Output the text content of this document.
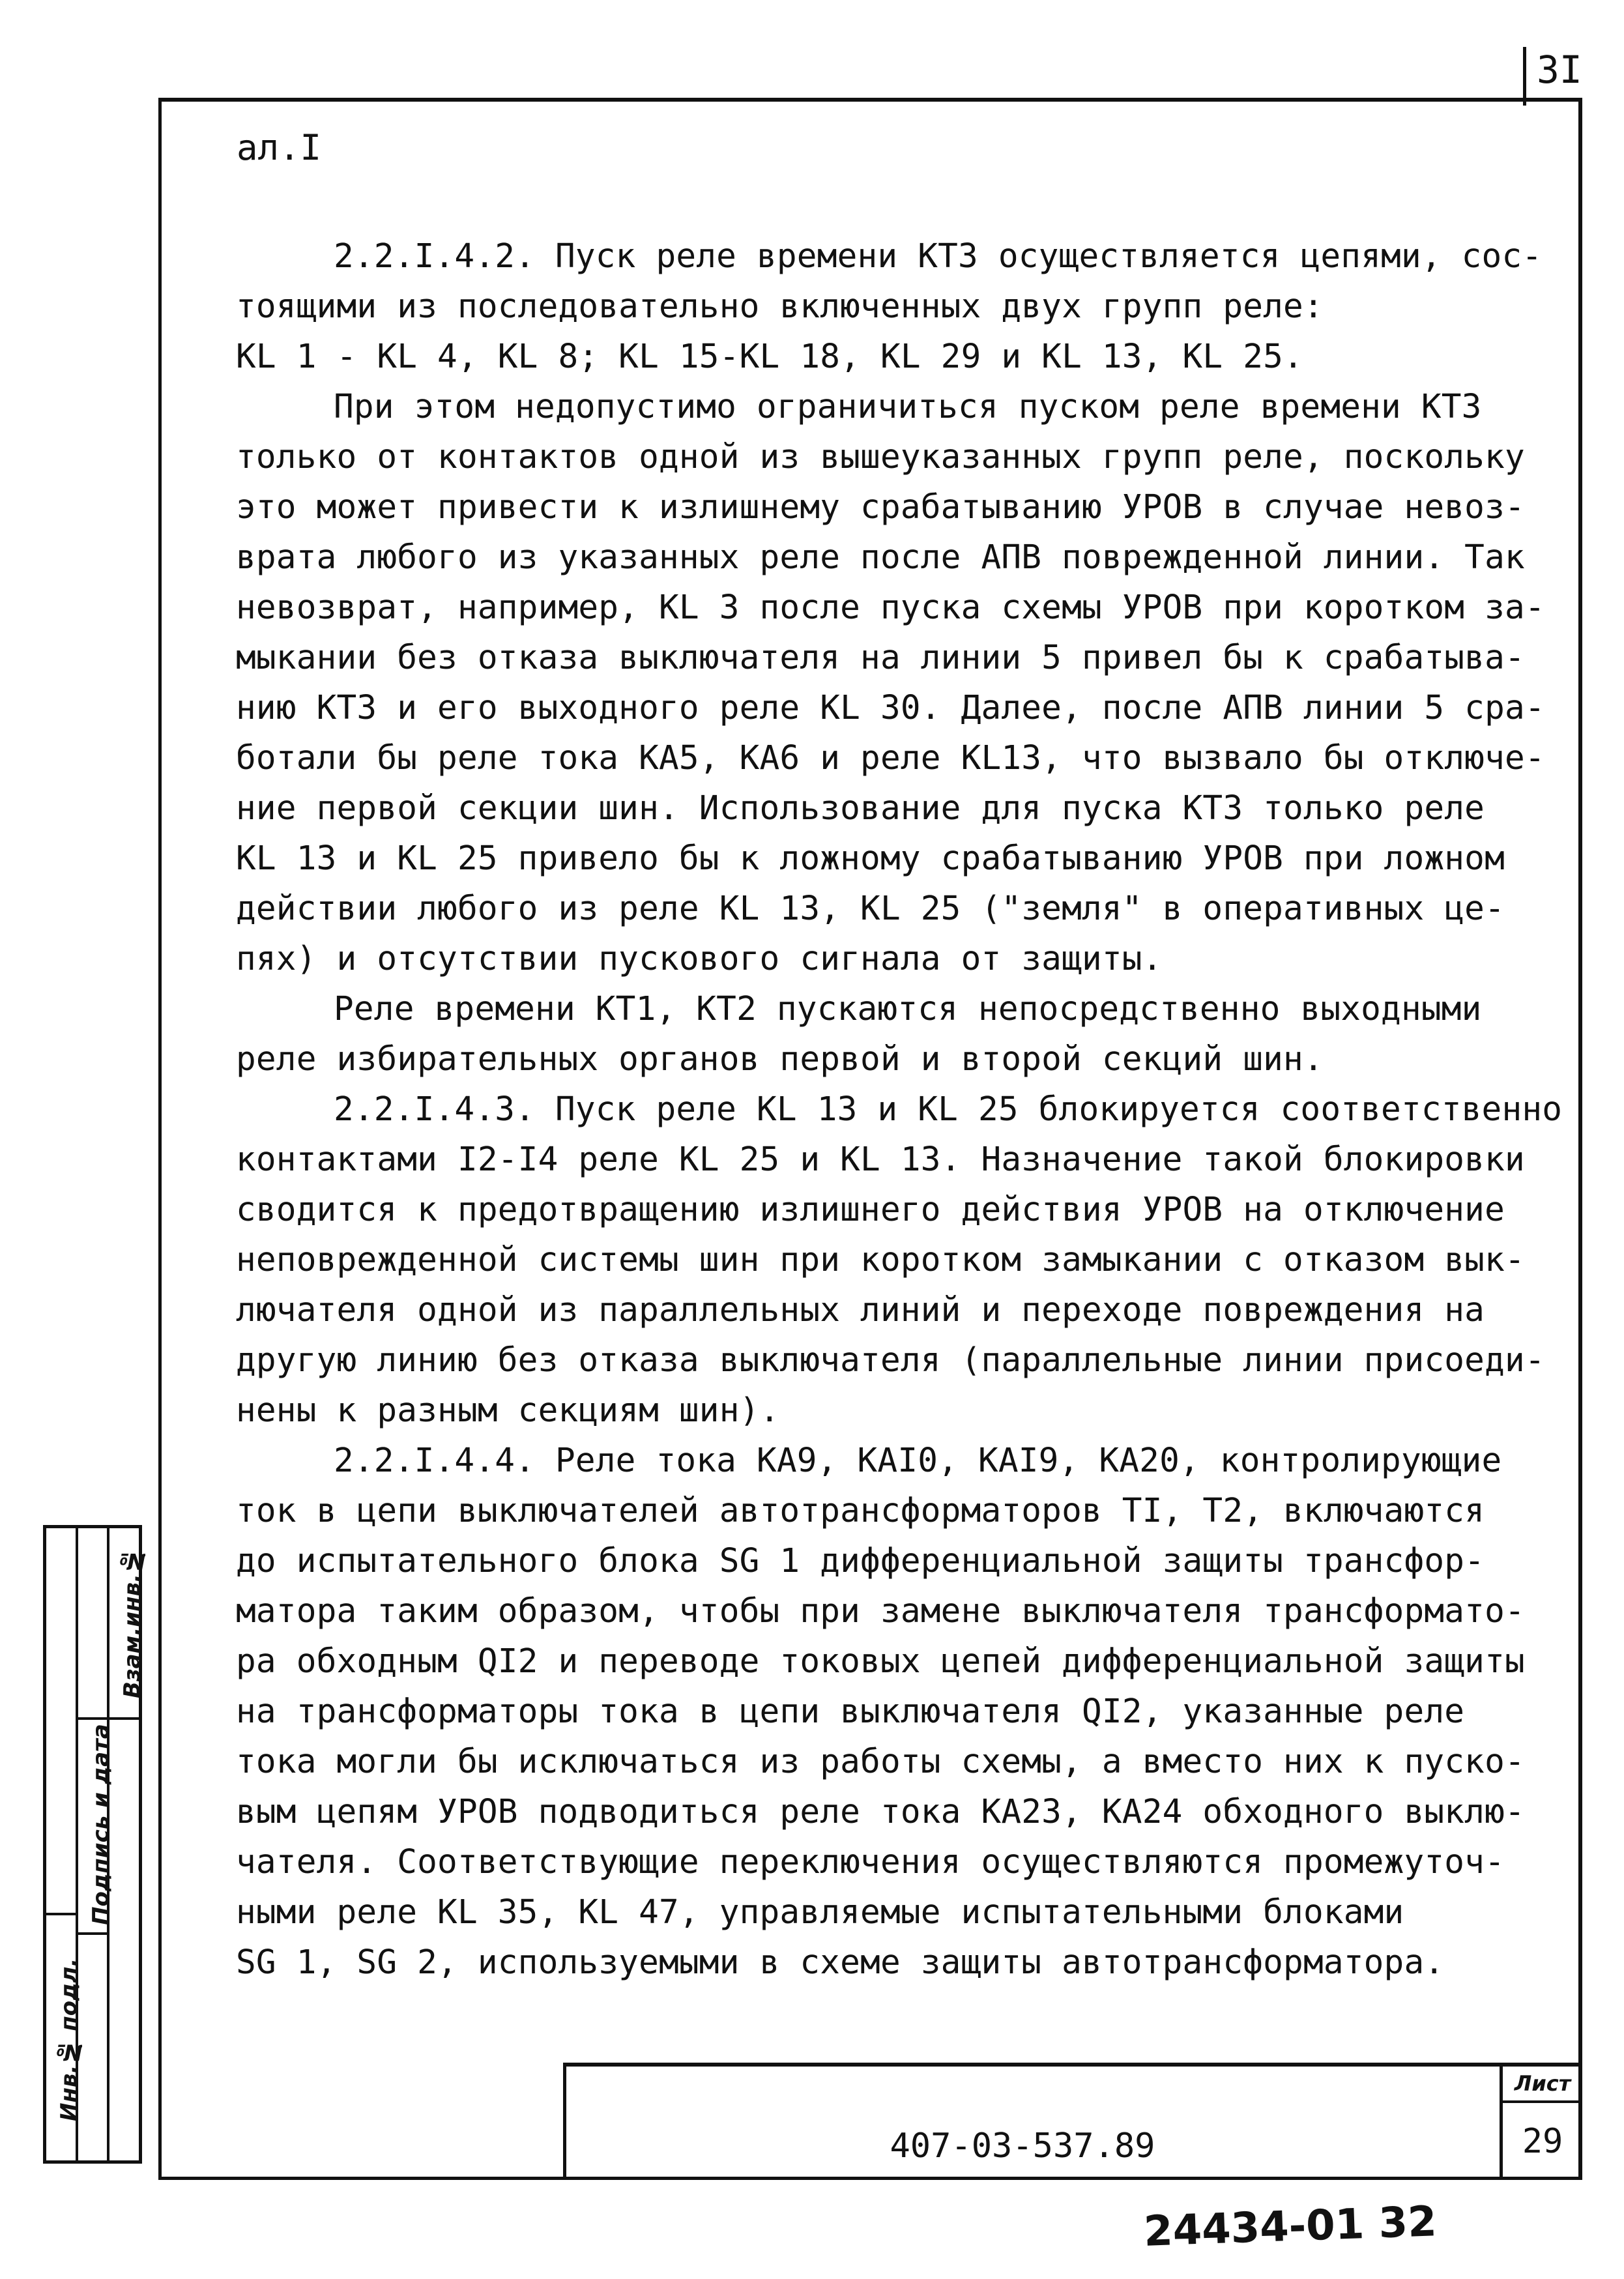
3I
ал.I
2.2.I.4.2. Пуск реле времени КТ3 осуществляется цепями, сос-
тоящими из последовательно включенных двух групп реле:
KL 1 - KL 4, KL 8; KL 15-KL 18, KL 29 и KL 13, KL 25.
При этом недопустимо ограничиться пуском реле времени КТ3
только от контактов одной из вышеуказанных групп реле, поскольку
это может привести к излишнему срабатыванию УРОВ в случае невоз-
врата любого из указанных реле после АПВ поврежденной линии. Так
невозврат, например, KL 3 после пуска схемы УРОВ при коротком за-
мыкании без отказа выключателя на линии 5 привел бы к срабатыва-
нию КТ3 и его выходного реле KL 30. Далее, после АПВ линии 5 сра-
ботали бы реле тока КА5, КА6 и реле KL13, что вызвало бы отключе-
ние первой секции шин. Использование для пуска КТ3 только реле
KL 13 и KL 25 привело бы к ложному срабатыванию УРОВ при ложном
действии любого из реле KL 13, KL 25 ("земля" в оперативных це-
пях) и отсутствии пускового сигнала от защиты.
Реле времени КТ1, КТ2 пускаются непосредственно выходными
реле избирательных органов первой и второй секций шин.
2.2.I.4.3. Пуск реле KL 13 и KL 25 блокируется соответственно
контактами I2-I4 реле KL 25 и KL 13. Назначение такой блокировки
сводится к предотвращению излишнего действия УРОВ на отключение
неповрежденной системы шин при коротком замыкании с отказом вык-
лючателя одной из параллельных линий и переходе повреждения на
другую линию без отказа выключателя (параллельные линии присоеди-
нены к разным секциям шин).
2.2.I.4.4. Реле тока КА9, КАI0, КАI9, КА20, контролирующие
ток в цепи выключателей автотрансформаторов ТI, Т2, включаются
до испытательного блока SG 1 дифференциальной защиты трансфор-
матора таким образом, чтобы при замене выключателя трансформато-
ра обходным QI2 и переводе токовых цепей дифференциальной защиты
на трансформаторы тока в цепи выключателя QI2, указанные реле
тока могли бы исключаться из работы схемы, а вместо них к пуско-
вым цепям УРОВ подводиться реле тока КА23, КА24 обходного выклю-
чателя. Соответствующие переключения осуществляются промежуточ-
ными реле KL 35, KL 47, управляемые испытательными блоками
SG 1, SG 2, используемыми в схеме защиты автотрансформатора.
Инв.№ подл.
Подпись и дата
Взам.инв.№
407-03-537.89
Лист
29
24434-01 32
